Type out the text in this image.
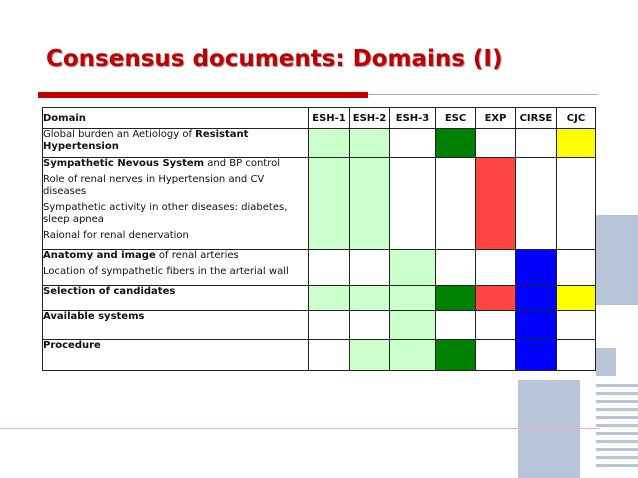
Consensus documents: Domains (I)
Domain	ESH-1	ESH-2	ESH-3	ESC	EXP	CIRSE	CJC

Global burden an Aetiology of Resistant Hypertension							

Sympathetic Nevous System and BP control
Role of renal nerves in Hypertension and CV diseases
Sympathetic activity in other diseases: diabetes, sleep apnea
Raional for renal denervation							

Anatomy and image of renal arteries
Location of sympathetic fibers in the arterial wall							

Selection of candidates							

Available systems							

Procedure							
